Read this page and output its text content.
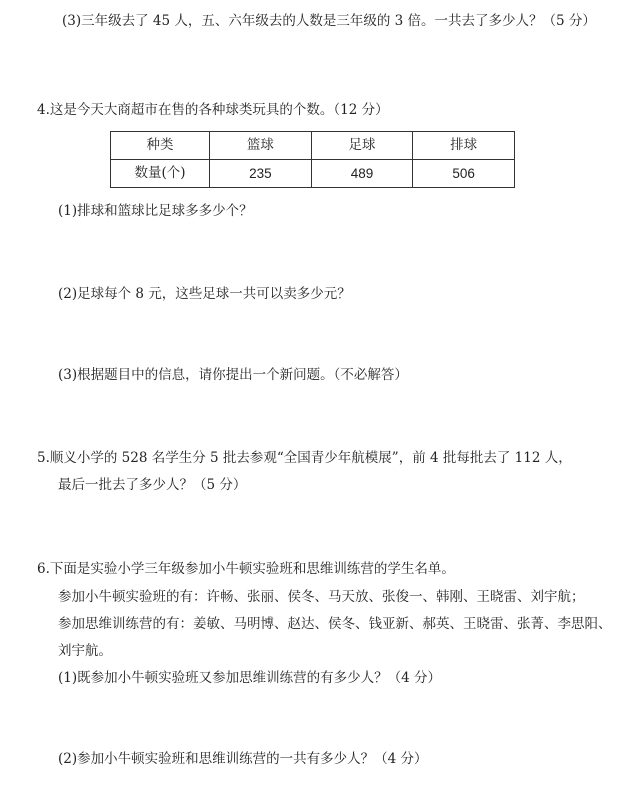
(3)三年级去了 45 人，五、六年级去的人数是三年级的 3 倍。一共去了多少人？（5 分）
4.这是今天大商超市在售的各种球类玩具的个数。（12 分）
种类	篮球	足球	排球
数量(个)	235	489	506
(1)排球和篮球比足球多多少个？
(2)足球每个 8 元，这些足球一共可以卖多少元？
(3)根据题目中的信息，请你提出一个新问题。（不必解答）
5.顺义小学的 528 名学生分 5 批去参观“全国青少年航模展”，前 4 批每批去了 112 人，
最后一批去了多少人？（5 分）
6.下面是实验小学三年级参加小牛顿实验班和思维训练营的学生名单。
参加小牛顿实验班的有：许畅、张丽、侯冬、马天放、张俊一、韩刚、王晓雷、刘宇航；
参加思维训练营的有：姜敏、马明博、赵达、侯冬、钱亚新、郝英、王晓雷、张菁、李思阳、
刘宇航。
(1)既参加小牛顿实验班又参加思维训练营的有多少人？（4 分）
(2)参加小牛顿实验班和思维训练营的一共有多少人？（4 分）
